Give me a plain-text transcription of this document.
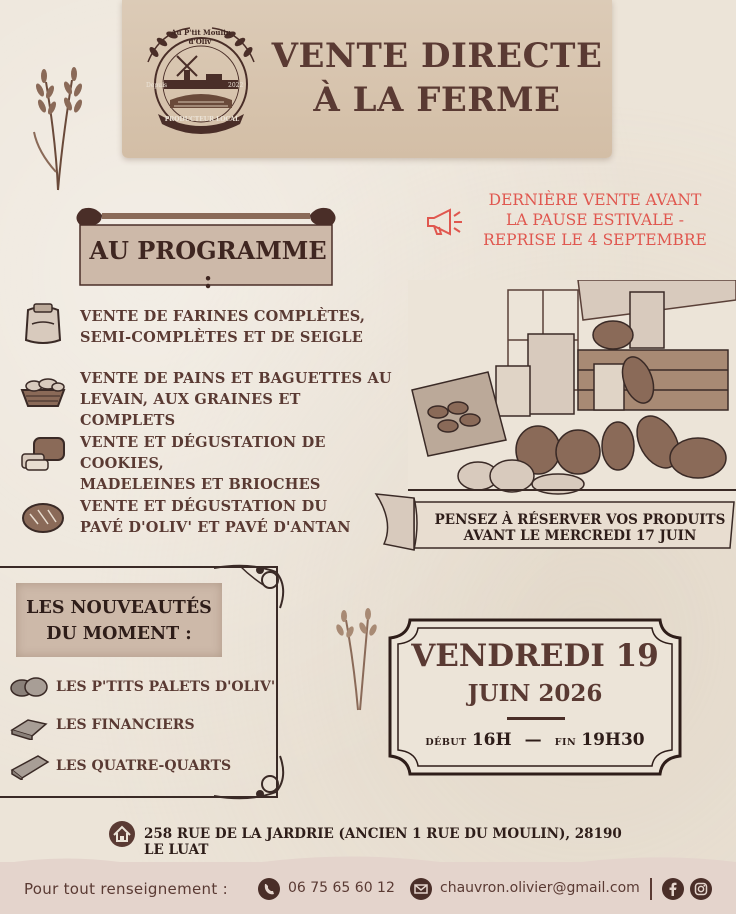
Au P'tit Moulin d'Oliv'
Depuis	2022
PRODUCTEUR LOCAL
VENTE DIRECTE
À LA FERME
DERNIÈRE VENTE AVANT
LA PAUSE ESTIVALE -
REPRISE LE 4 SEPTEMBRE
AU PROGRAMME :
VENTE DE FARINES COMPLÈTES,
SEMI-COMPLÈTES ET DE SEIGLE
VENTE DE PAINS ET BAGUETTES AU
LEVAIN, AUX GRAINES ET COMPLETS
VENTE ET DÉGUSTATION DE COOKIES,
MADELEINES ET BRIOCHES
VENTE ET DÉGUSTATION DU
PAVÉ D'OLIV' ET PAVÉ D'ANTAN	PENSEZ À RÉSERVER VOS PRODUITS
AVANT LE MERCREDI 17 JUIN
LES NOUVEAUTÉS
DU MOMENT :
LES P'TITS PALETS D'OLIV'
LES FINANCIERS
LES QUATRE-QUARTS
VENDREDI 19
JUIN 2026
DÉBUT 16H — FIN 19H30
258 RUE DE LA JARDRIE (ANCIEN 1 RUE DU MOULIN), 28190 LE LUAT
Pour tout renseignement :	06 75 65 60 12	chauvron.olivier@gmail.com
